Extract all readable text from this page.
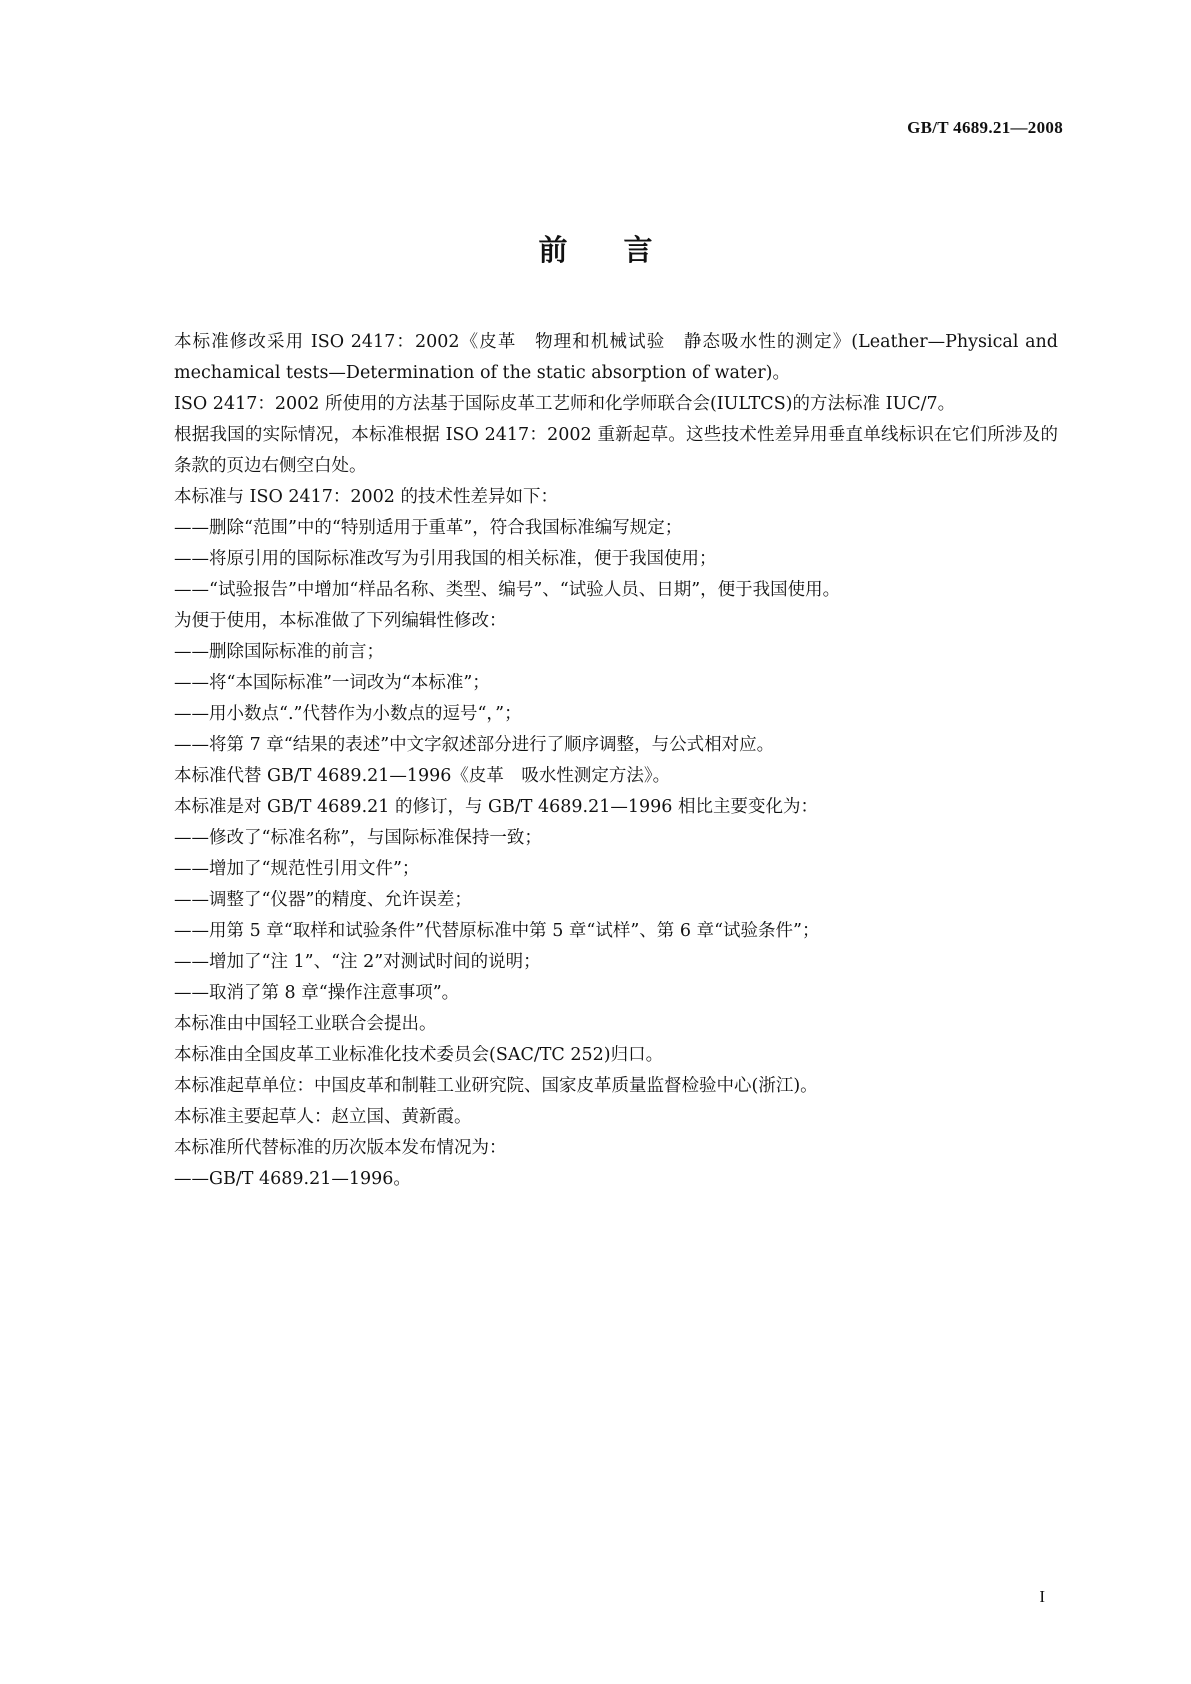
GB/T 4689.21—2008
前言

本标准修改采用 ISO 2417：2002《皮革　物理和机械试验　静态吸水性的测定》(Leather—Physical and mechamical tests—Determination of the static absorption of water)。

ISO 2417：2002 所使用的方法基于国际皮革工艺师和化学师联合会(IULTCS)的方法标准 IUC/7。

根据我国的实际情况，本标准根据 ISO 2417：2002 重新起草。这些技术性差异用垂直单线标识在它们所涉及的条款的页边右侧空白处。

本标准与 ISO 2417：2002 的技术性差异如下：

——删除“范围”中的“特别适用于重革”，符合我国标准编写规定；

——将原引用的国际标准改写为引用我国的相关标准，便于我国使用；

——“试验报告”中增加“样品名称、类型、编号”、“试验人员、日期”，便于我国使用。

为便于使用，本标准做了下列编辑性修改：

——删除国际标准的前言；

——将“本国际标准”一词改为“本标准”；

——用小数点“.”代替作为小数点的逗号“，”；

——将第 7 章“结果的表述”中文字叙述部分进行了顺序调整，与公式相对应。

本标准代替 GB/T 4689.21—1996《皮革　吸水性测定方法》。

本标准是对 GB/T 4689.21 的修订，与 GB/T 4689.21—1996 相比主要变化为：

——修改了“标准名称”，与国际标准保持一致；

——增加了“规范性引用文件”；

——调整了“仪器”的精度、允许误差；

——用第 5 章“取样和试验条件”代替原标准中第 5 章“试样”、第 6 章“试验条件”；

——增加了“注 1”、“注 2”对测试时间的说明；

——取消了第 8 章“操作注意事项”。

本标准由中国轻工业联合会提出。

本标准由全国皮革工业标准化技术委员会(SAC/TC 252)归口。

本标准起草单位：中国皮革和制鞋工业研究院、国家皮革质量监督检验中心(浙江)。

本标准主要起草人：赵立国、黄新霞。

本标准所代替标准的历次版本发布情况为：

——GB/T 4689.21—1996。

I
